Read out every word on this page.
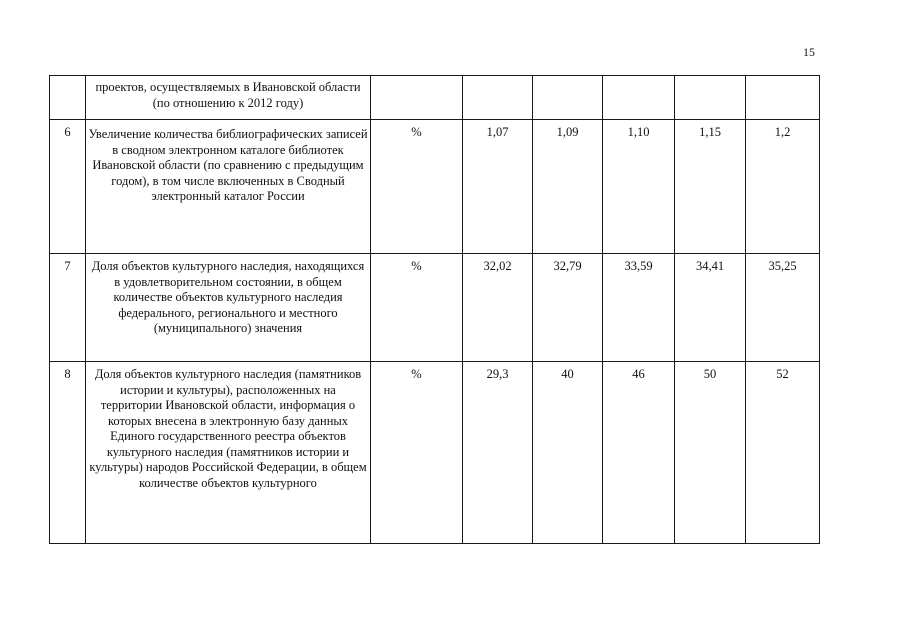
15
	проектов, осуществляемых в Ивановской области (по отношению к 2012 году)						
6	Увеличение количества библиографических записей в сводном электронном каталоге библиотек Ивановской области (по сравнению с предыдущим годом), в том числе включенных в Сводный электронный каталог России	%	1,07	1,09	1,10	1,15	1,2
7	Доля объектов культурного наследия, находящихся в удовлетворительном состоянии, в общем количестве объектов культурного наследия федерального, регионального и местного (муниципального) значения	%	32,02	32,79	33,59	34,41	35,25
8	Доля объектов культурного наследия (памятников истории и культуры), расположенных на территории Ивановской области, информация о которых внесена в электронную базу данных Единого государственного реестра объектов культурного наследия (памятников истории и культуры) народов Российской Федерации, в общем количестве объектов культурного	%	29,3	40	46	50	52
